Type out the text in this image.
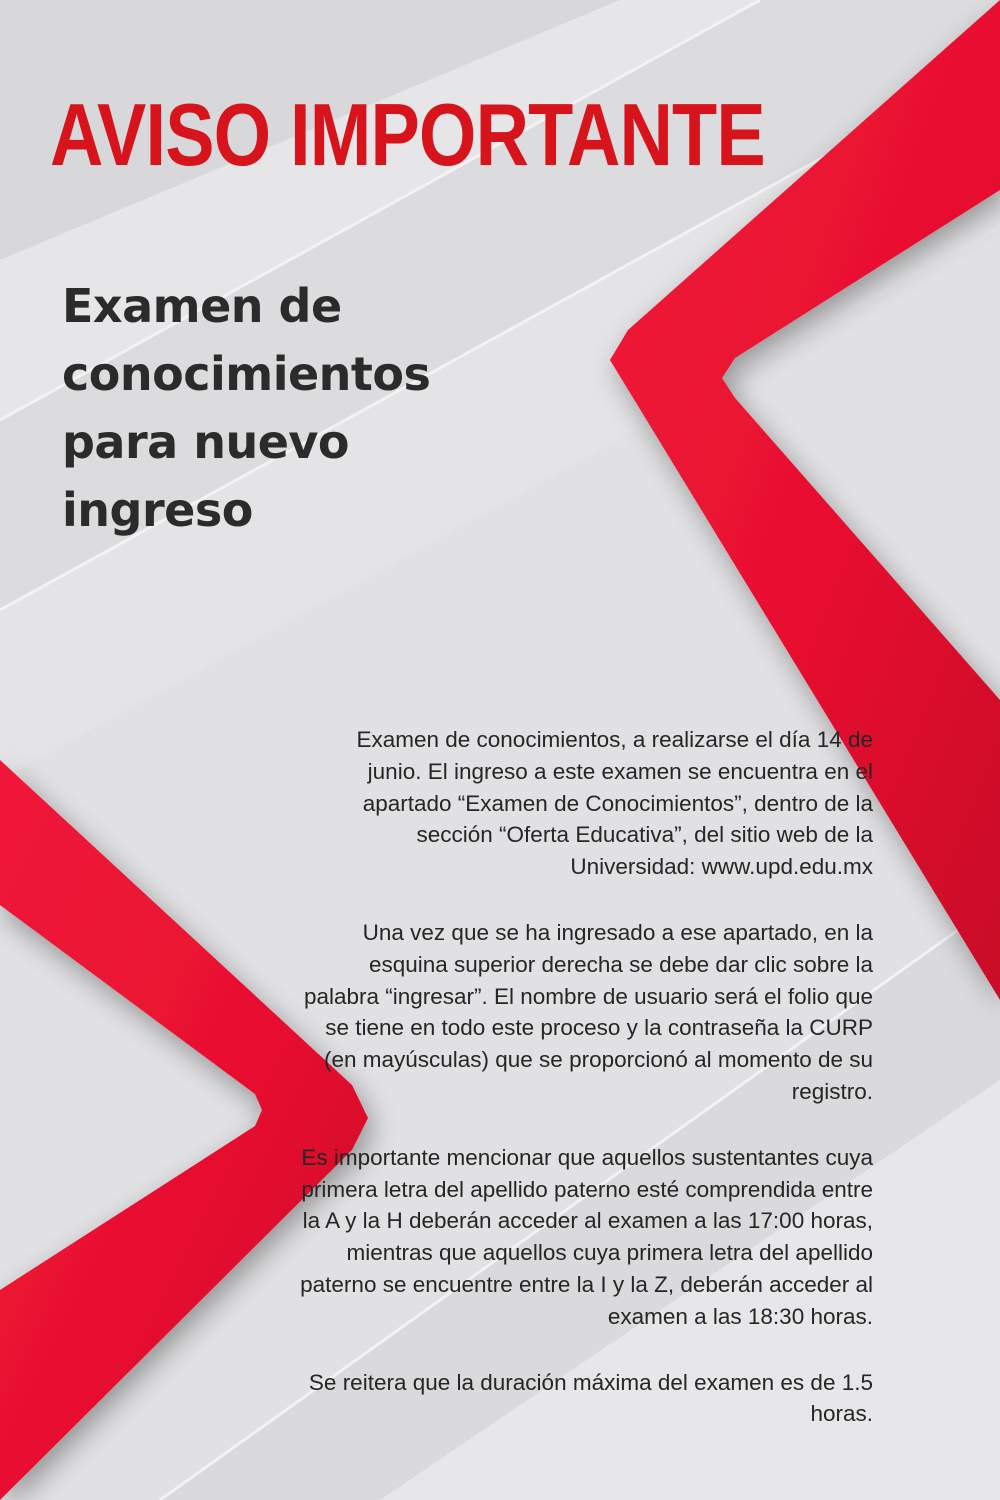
AVISO IMPORTANTE
Examen de conocimientos para nuevo ingreso

Examen de conocimientos, a realizarse el día 14 de junio. El ingreso a este examen se encuentra en el apartado “Examen de Conocimientos”, dentro de la sección “Oferta Educativa”, del sitio web de la Universidad: www.upd.edu.mx

Una vez que se ha ingresado a ese apartado, en la esquina superior derecha se debe dar clic sobre la palabra “ingresar”. El nombre de usuario será el folio que se tiene en todo este proceso y la contraseña la CURP (en mayúsculas) que se proporcionó al momento de su registro.

Es importante mencionar que aquellos sustentantes cuya primera letra del apellido paterno esté comprendida entre la A y la H deberán acceder al examen a las 17:00 horas, mientras que aquellos cuya primera letra del apellido paterno se encuentre entre la I y la Z, deberán acceder al examen a las 18:30 horas.

Se reitera que la duración máxima del examen es de 1.5 horas.
